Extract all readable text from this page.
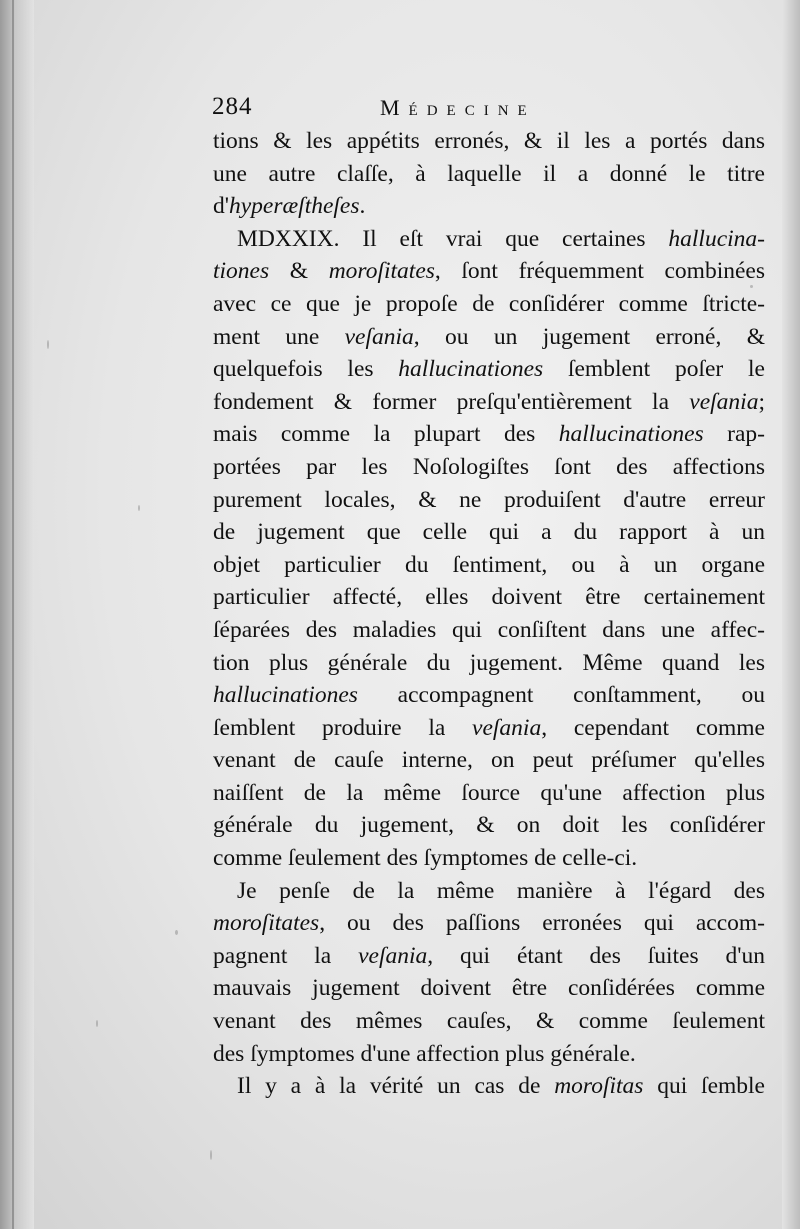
284	Médecine
tions & les appétits erronés, & il les a portés dans
une autre claſſe, à laquelle il a donné le titre
d'hyperæſtheſes.
MDXXIX. Il eſt vrai que certaines hallucina-
tiones & moroſitates, ſont fréquemment combinées
avec ce que je propoſe de conſidérer comme ſtricte-
ment une veſania, ou un jugement erroné, &
quelquefois les hallucinationes ſemblent poſer le
fondement & former preſqu'entièrement la veſania;
mais comme la plupart des hallucinationes rap-
portées par les Noſologiſtes ſont des affections
purement locales, & ne produiſent d'autre erreur
de jugement que celle qui a du rapport à un
objet particulier du ſentiment, ou à un organe
particulier affecté, elles doivent être certainement
ſéparées des maladies qui conſiſtent dans une affec-
tion plus générale du jugement. Même quand les
hallucinationes accompagnent conſtamment, ou
ſemblent produire la veſania, cependant comme
venant de cauſe interne, on peut préſumer qu'elles
naiſſent de la même ſource qu'une affection plus
générale du jugement, & on doit les conſidérer
comme ſeulement des ſymptomes de celle-ci.
Je penſe de la même manière à l'égard des
moroſitates, ou des paſſions erronées qui accom-
pagnent la veſania, qui étant des ſuites d'un
mauvais jugement doivent être conſidérées comme
venant des mêmes cauſes, & comme ſeulement
des ſymptomes d'une affection plus générale.
Il y a à la vérité un cas de moroſitas qui ſemble
